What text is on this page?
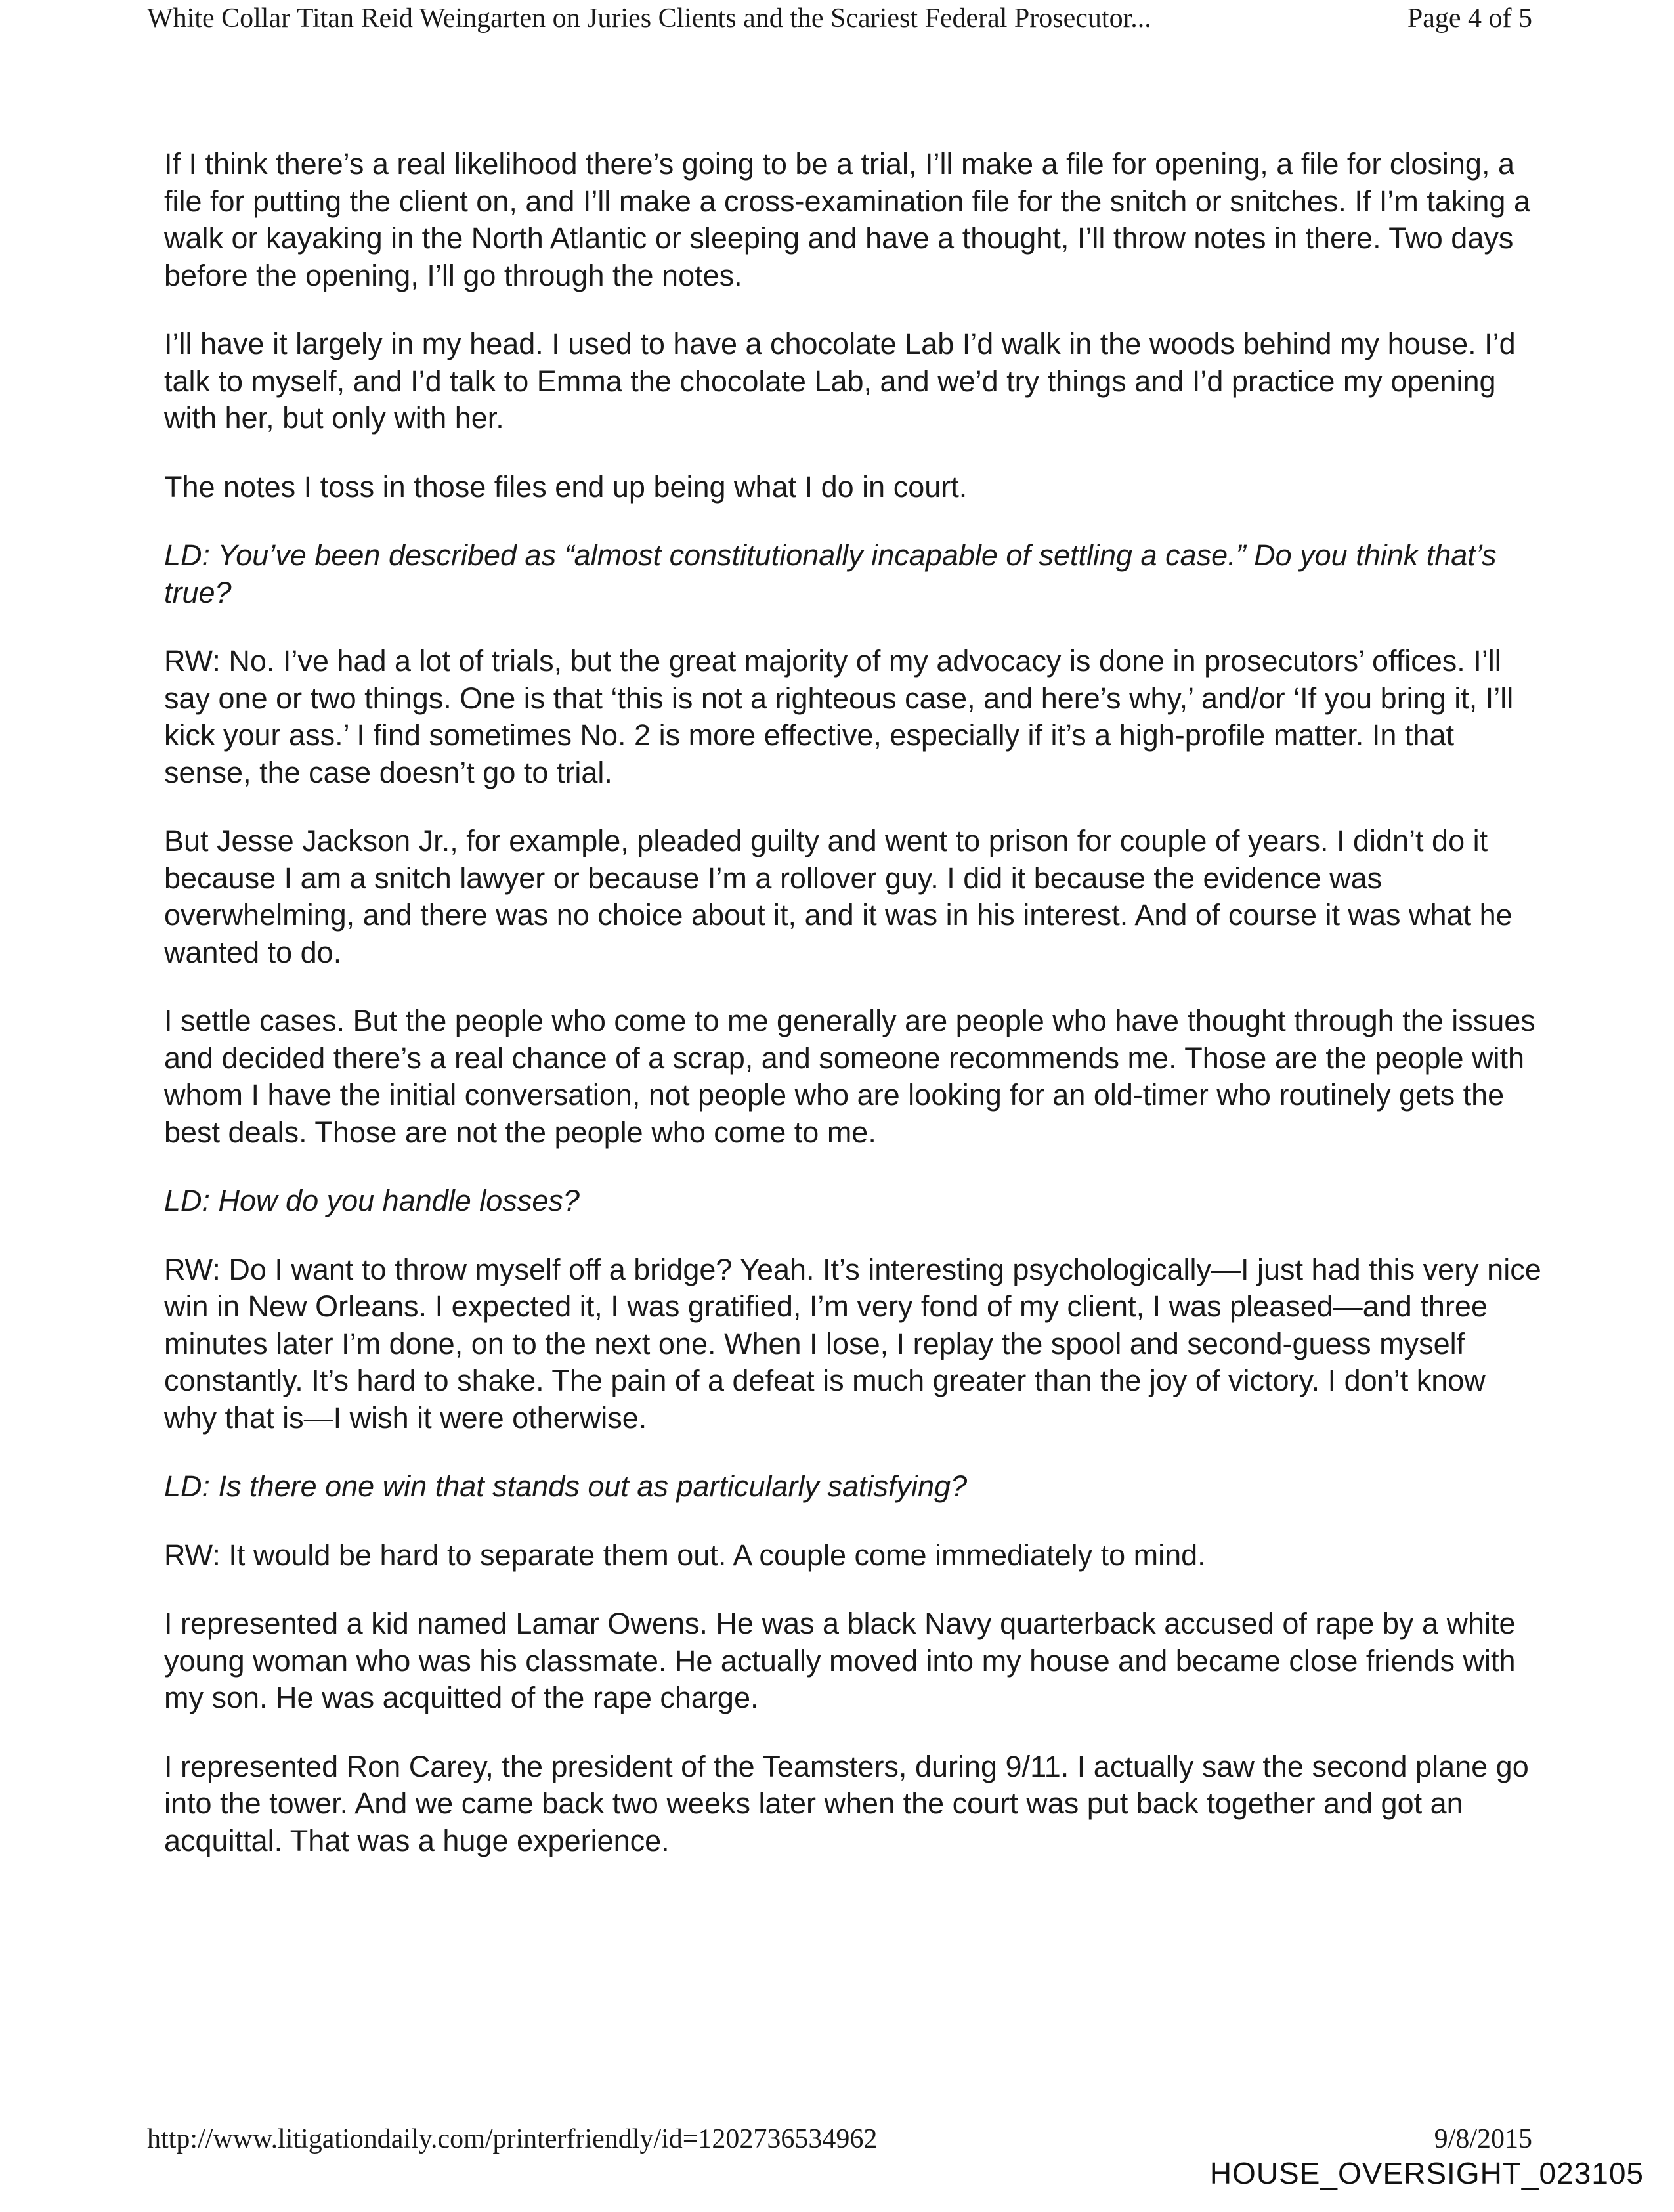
White Collar Titan Reid Weingarten on Juries Clients and the Scariest Federal Prosecutor...	Page 4 of 5

If I think there’s a real likelihood there’s going to be a trial, I’ll make a file for opening, a file for closing, a file for putting the client on, and I’ll make a cross-examination file for the snitch or snitches. If I’m taking a walk or kayaking in the North Atlantic or sleeping and have a thought, I’ll throw notes in there. Two days before the opening, I’ll go through the notes.

I’ll have it largely in my head. I used to have a chocolate Lab I’d walk in the woods behind my house. I’d talk to myself, and I’d talk to Emma the chocolate Lab, and we’d try things and I’d practice my opening with her, but only with her.

The notes I toss in those files end up being what I do in court.

LD: You’ve been described as “almost constitutionally incapable of settling a case.” Do you think that’s true?

RW: No. I’ve had a lot of trials, but the great majority of my advocacy is done in prosecutors’ offices. I’ll say one or two things. One is that ‘this is not a righteous case, and here’s why,’ and/or ‘If you bring it, I’ll kick your ass.’ I find sometimes No. 2 is more effective, especially if it’s a high-profile matter. In that sense, the case doesn’t go to trial.

But Jesse Jackson Jr., for example, pleaded guilty and went to prison for couple of years. I didn’t do it because I am a snitch lawyer or because I’m a rollover guy. I did it because the evidence was overwhelming, and there was no choice about it, and it was in his interest. And of course it was what he wanted to do.

I settle cases. But the people who come to me generally are people who have thought through the issues and decided there’s a real chance of a scrap, and someone recommends me. Those are the people with whom I have the initial conversation, not people who are looking for an old-timer who routinely gets the best deals. Those are not the people who come to me.

LD: How do you handle losses?

RW: Do I want to throw myself off a bridge? Yeah. It’s interesting psychologically—I just had this very nice win in New Orleans. I expected it, I was gratified, I’m very fond of my client, I was pleased—and three minutes later I’m done, on to the next one. When I lose, I replay the spool and second-guess myself constantly. It’s hard to shake. The pain of a defeat is much greater than the joy of victory. I don’t know why that is—I wish it were otherwise.

LD: Is there one win that stands out as particularly satisfying?

RW: It would be hard to separate them out. A couple come immediately to mind.

I represented a kid named Lamar Owens. He was a black Navy quarterback accused of rape by a white young woman who was his classmate. He actually moved into my house and became close friends with my son. He was acquitted of the rape charge.

I represented Ron Carey, the president of the Teamsters, during 9/11. I actually saw the second plane go into the tower. And we came back two weeks later when the court was put back together and got an acquittal. That was a huge experience.

http://www.litigationdaily.com/printerfriendly/id=1202736534962	9/8/2015
HOUSE_OVERSIGHT_023105
